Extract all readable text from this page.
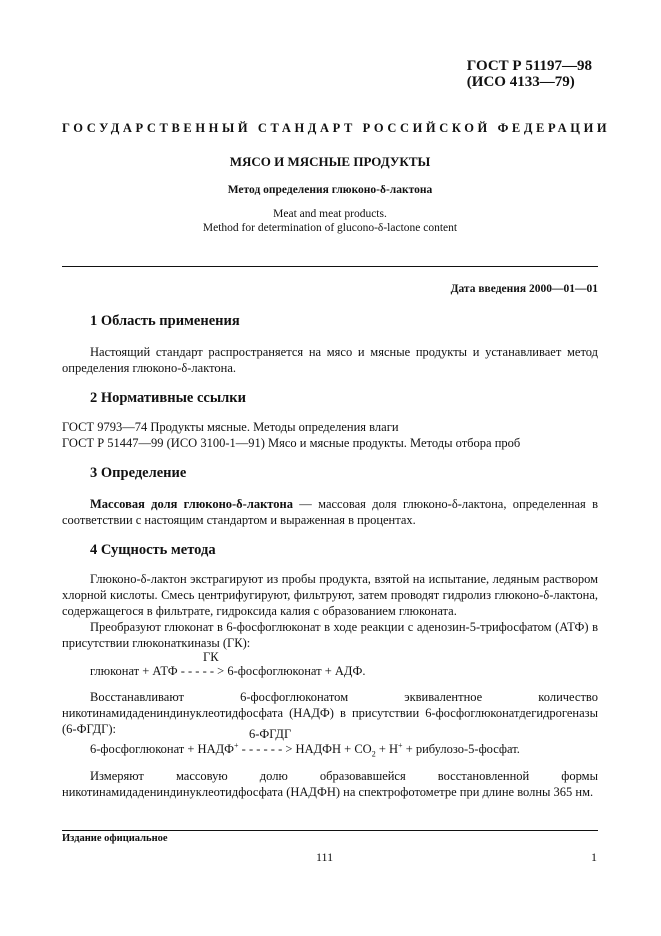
ГОСТ Р 51197—98
(ИСО 4133—79)
ГОСУДАРСТВЕННЫЙ СТАНДАРТ РОССИЙСКОЙ ФЕДЕРАЦИИ
МЯСО И МЯСНЫЕ ПРОДУКТЫ
Метод определения глюконо-δ-лактона
Meat and meat products.
Method for determination of glucono-δ-lactone content
Дата введения 2000—01—01
1 Область применения
Настоящий стандарт распространяется на мясо и мясные продукты и устанавливает метод определения глюконо-δ-лактона.
2 Нормативные ссылки
ГОСТ 9793—74 Продукты мясные. Методы определения влаги
ГОСТ Р 51447—99 (ИСО 3100-1—91) Мясо и мясные продукты. Методы отбора проб
3 Определение
Массовая доля глюконо-δ-лактона — массовая доля глюконо-δ-лактона, определенная в соответствии с настоящим стандартом и выраженная в процентах.
4 Сущность метода
Глюконо-δ-лактон экстрагируют из пробы продукта, взятой на испытание, ледяным раствором хлорной кислоты. Смесь центрифугируют, фильтруют, затем проводят гидролиз глюконо-δ-лактона, содержащегося в фильтрате, гидроксида калия с образованием глюконата.
Преобразуют глюконат в 6-фосфоглюконат в ходе реакции с аденозин-5-трифосфатом (АТФ) в присутствии глюконаткиназы (ГК):
ГК
глюконат + АТФ - - - - - > 6-фосфоглюконат + АДФ.
Восстанавливают 6-фосфоглюконатом эквивалентное количество никотинамидадениндинуклеотидфосфата (НАДФ) в присутствии 6-фосфоглюконатдегидрогеназы (6-ФГДГ):	6-ФГДГ
6-фосфоглюконат + НАДФ+ - - - - - - > НАДФН + $СО_2 + Н^+$ + рибулозо-5-фосфат.
Измеряют массовую долю образовавшейся восстановленной формы никотинамидадениндинуклеотидфосфата (НАДФН) на спектрофотометре при длине волны 365 нм.
Издание официальное
111	1
